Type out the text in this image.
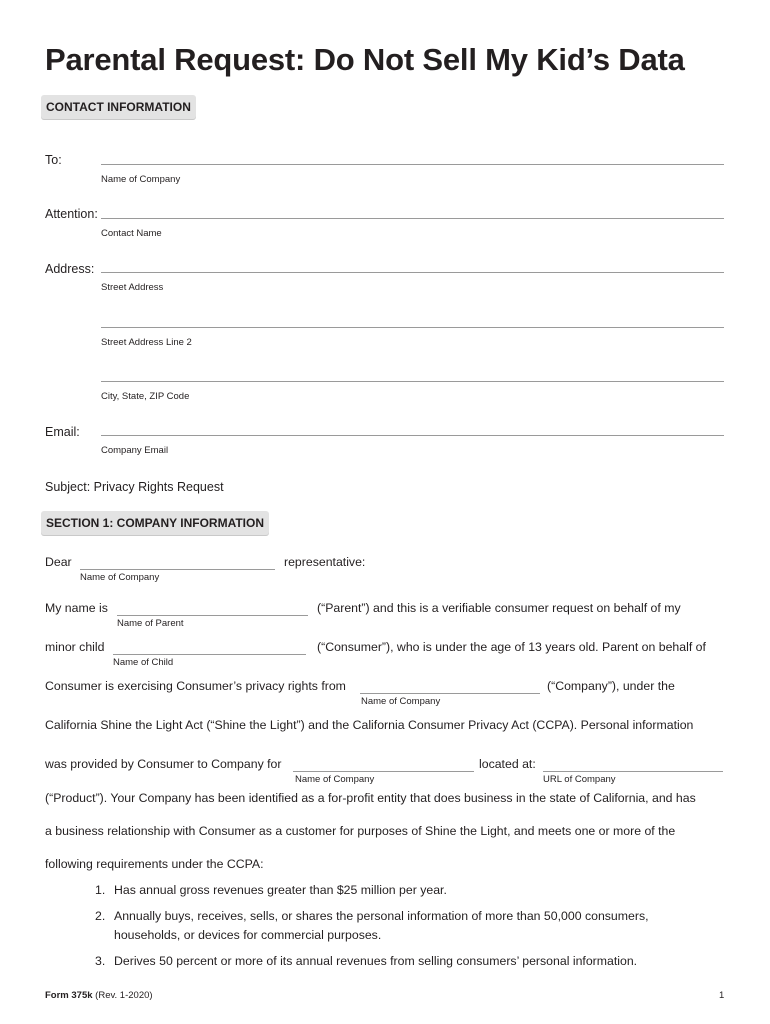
Parental Request: Do Not Sell My Kid’s Data
CONTACT INFORMATION
To:
Name of Company
Attention:
Contact Name
Address:
Street Address
Street Address Line 2
City, State, ZIP Code
Email:
Company Email
Subject: Privacy Rights Request
SECTION 1: COMPANY INFORMATION
Dear	representative:
Name of Company
My name is	(“Parent”) and this is a verifiable consumer request on behalf of my
Name of Parent
minor child	(“Consumer”), who is under the age of 13 years old. Parent on behalf of
Name of Child
Consumer is exercising Consumer’s privacy rights from	(“Company”), under the
Name of Company
California Shine the Light Act (“Shine the Light”) and the California Consumer Privacy Act (CCPA). Personal information
was provided by Consumer to Company for	located at:
Name of Company	URL of Company
(“Product”). Your Company has been identified as a for-profit entity that does business in the state of California, and has
a business relationship with Consumer as a customer for purposes of Shine the Light, and meets one or more of the
following requirements under the CCPA:
1. Has annual gross revenues greater than $25 million per year.
2. Annually buys, receives, sells, or shares the personal information of more than 50,000 consumers,
households, or devices for commercial purposes.
3. Derives 50 percent or more of its annual revenues from selling consumers’ personal information.
Form 375k (Rev. 1-2020)	1
